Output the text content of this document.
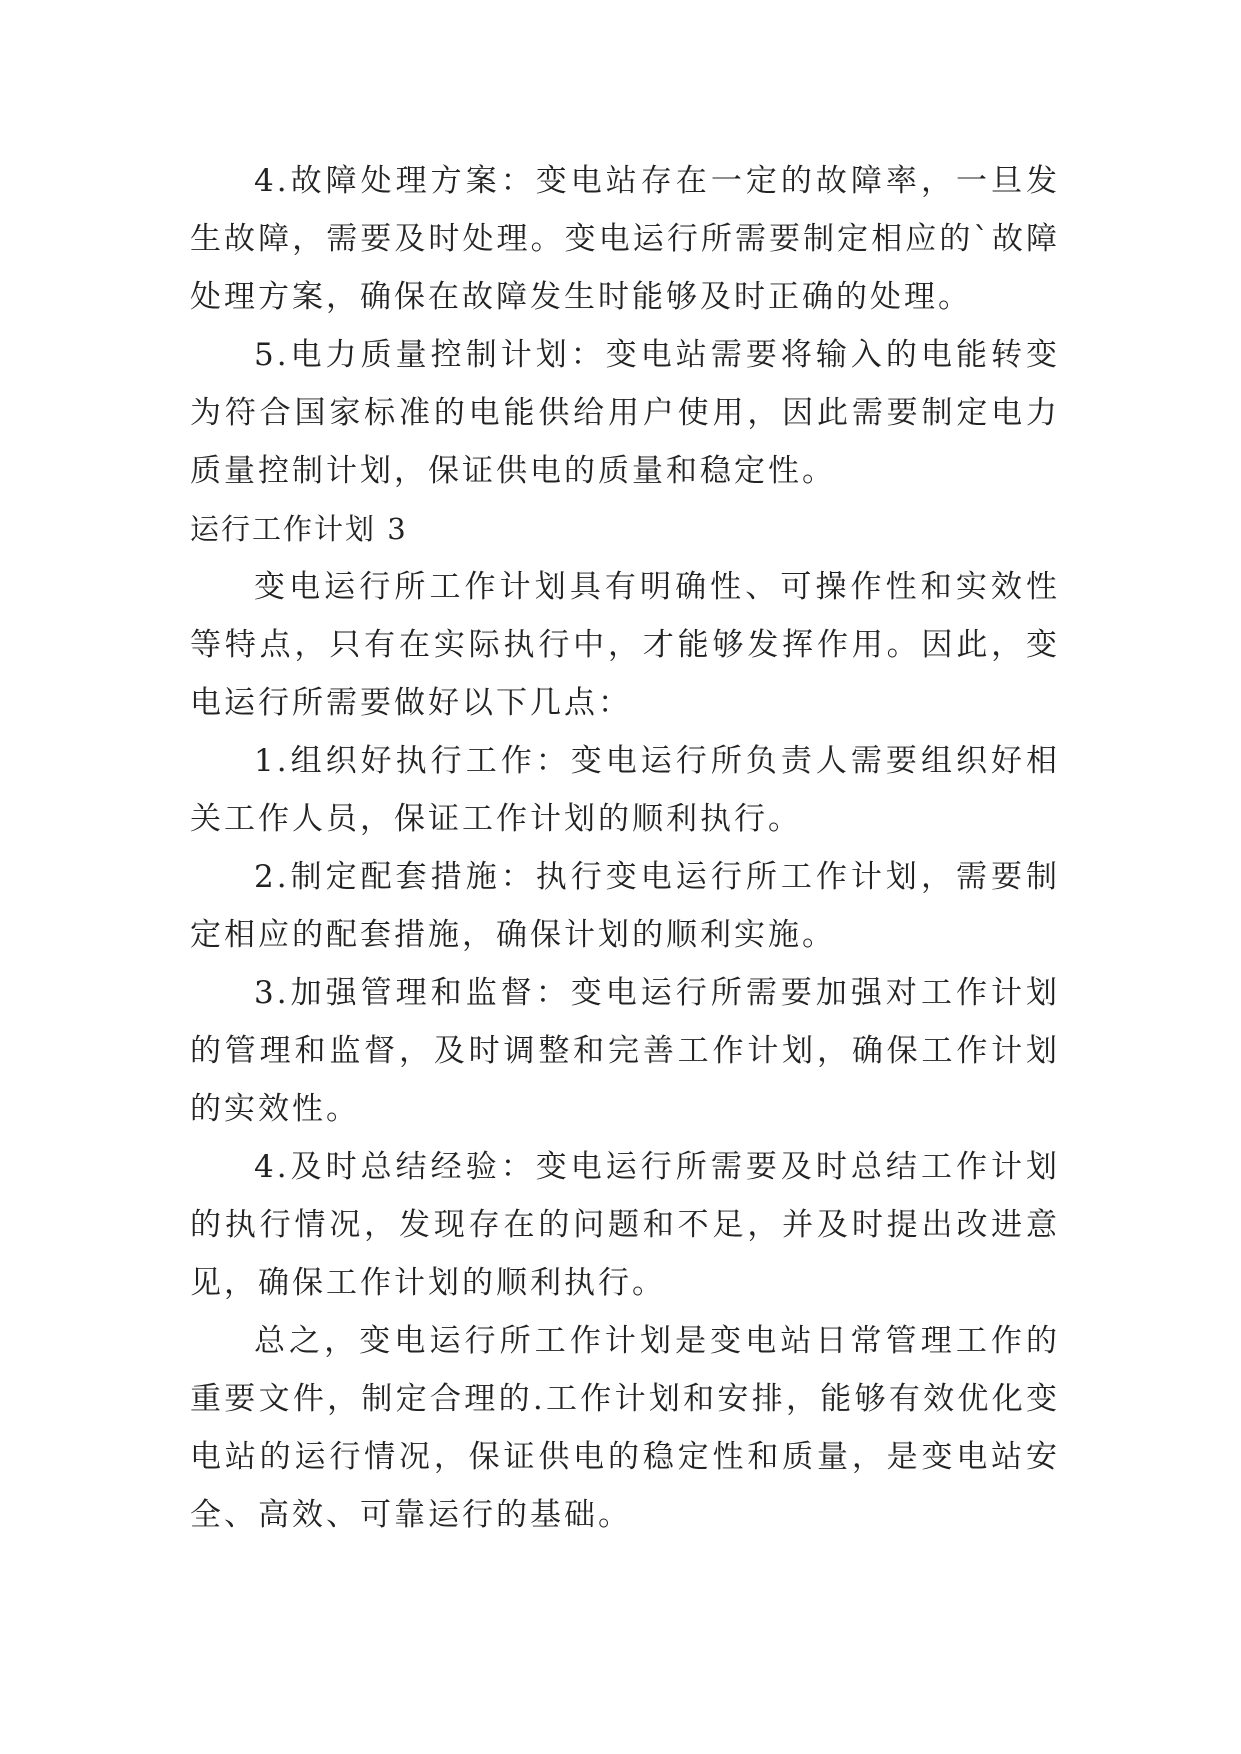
4.故障处理方案：变电站存在一定的故障率，一旦发生故障，需要及时处理。变电运行所需要制定相应的`故障处理方案，确保在故障发生时能够及时正确的处理。

5.电力质量控制计划：变电站需要将输入的电能转变为符合国家标准的电能供给用户使用，因此需要制定电力质量控制计划，保证供电的质量和稳定性。

运行工作计划 3

变电运行所工作计划具有明确性、可操作性和实效性等特点，只有在实际执行中，才能够发挥作用。因此，变电运行所需要做好以下几点：

1.组织好执行工作：变电运行所负责人需要组织好相关工作人员，保证工作计划的顺利执行。

2.制定配套措施：执行变电运行所工作计划，需要制定相应的配套措施，确保计划的顺利实施。

3.加强管理和监督：变电运行所需要加强对工作计划的管理和监督，及时调整和完善工作计划，确保工作计划的实效性。

4.及时总结经验：变电运行所需要及时总结工作计划的执行情况，发现存在的问题和不足，并及时提出改进意见，确保工作计划的顺利执行。

总之，变电运行所工作计划是变电站日常管理工作的重要文件，制定合理的.工作计划和安排，能够有效优化变电站的运行情况，保证供电的稳定性和质量，是变电站安全、高效、可靠运行的基础。
